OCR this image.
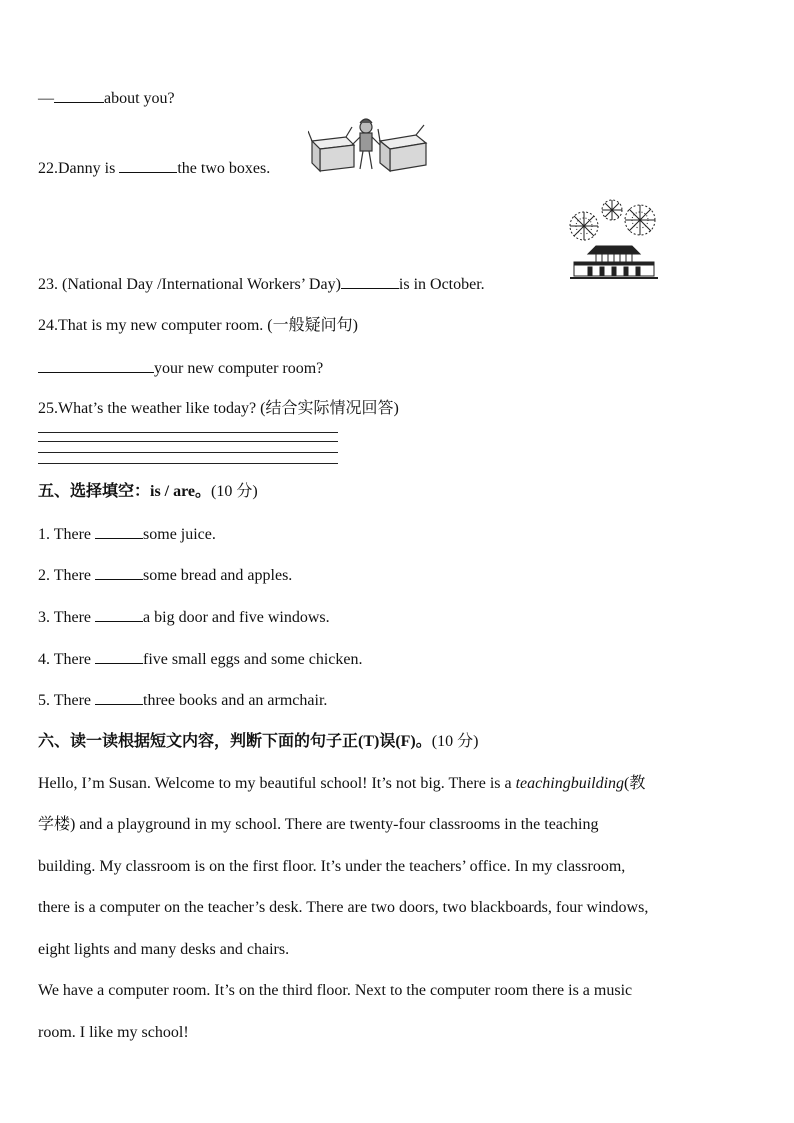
—	about you?
22.Danny is	the two boxes.
23. (National Day /International Workers’ Day)	is in October.
24.That is my new computer room. (一般疑问句)
your new computer room?
25.What’s the weather like today? (结合实际情况回答)
五、选择填空：is / are。(10 分)
1. There	some juice.
2. There	some bread and apples.
3. There	a big door and five windows.
4. There	five small eggs and some chicken.
5. There	three books and an armchair.
六、读一读根据短文内容，判断下面的句子正(T)误(F)。(10 分)
Hello, I’m Susan. Welcome to my beautiful school! It’s not big. There is a teachingbuilding(教
学楼) and a playground in my school. There are twenty-four classrooms in the teaching
building. My classroom is on the first floor. It’s under the teachers’ office. In my classroom,
there is a computer on the teacher’s desk. There are two doors, two blackboards, four windows,
eight lights and many desks and chairs.
We have a computer room. It’s on the third floor. Next to the computer room there is a music
room. I like my school!
